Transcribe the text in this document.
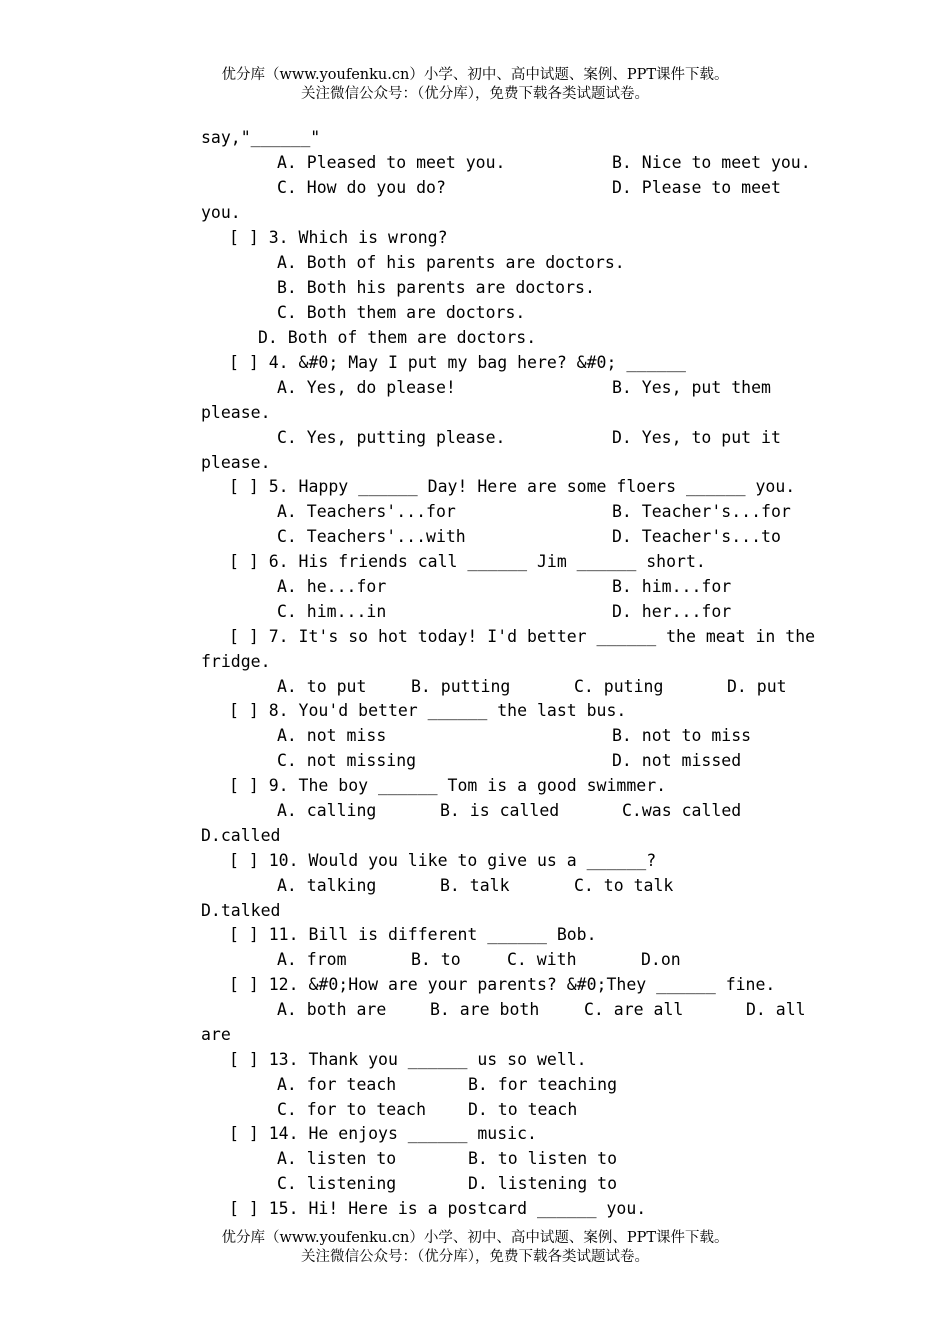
优分库（www.youfenku.cn）小学、初中、高中试题、案例、PPT课件下载。
关注微信公众号：（优分库），免费下载各类试题试卷。
say,"______"
A. Pleased to meet you.	B. Nice to meet you.
C. How do you do?	D. Please to meet
you.
[ ] 3. Which is wrong?
A. Both of his parents are doctors.
B. Both his parents are doctors.
C. Both them are doctors.
D. Both of them are doctors.
[ ] 4. &#0; May I put my bag here? &#0; ______
A. Yes, do please!	B. Yes, put them
please.
C. Yes, putting please.	D. Yes, to put it
please.
[ ] 5. Happy ______ Day! Here are some floers ______ you.
A. Teachers'...for	B. Teacher's...for
C. Teachers'...with	D. Teacher's...to
[ ] 6. His friends call ______ Jim ______ short.
A. he...for	B. him...for
C. him...in	D. her...for
[ ] 7. It's so hot today! I'd better ______ the meat in the
fridge.
A. to put	B. putting	C. puting	D. put
[ ] 8. You'd better ______ the last bus.
A. not miss	B. not to miss
C. not missing	D. not missed
[ ] 9. The boy ______ Tom is a good swimmer.
A. calling	B. is called	C.was called
D.called
[ ] 10. Would you like to give us a ______?
A. talking	B. talk	C. to talk
D.talked
[ ] 11. Bill is different ______ Bob.
A. from	B. to	C. with	D.on
[ ] 12. &#0;How are your parents? &#0;They ______ fine.
A. both are	B. are both	C. are all	D. all
are
[ ] 13. Thank you ______ us so well.
A. for teach	B. for teaching
C. for to teach	D. to teach
[ ] 14. He enjoys ______ music.
A. listen to	B. to listen to
C. listening	D. listening to
[ ] 15. Hi! Here is a postcard ______ you.
优分库（www.youfenku.cn）小学、初中、高中试题、案例、PPT课件下载。
关注微信公众号：（优分库），免费下载各类试题试卷。
